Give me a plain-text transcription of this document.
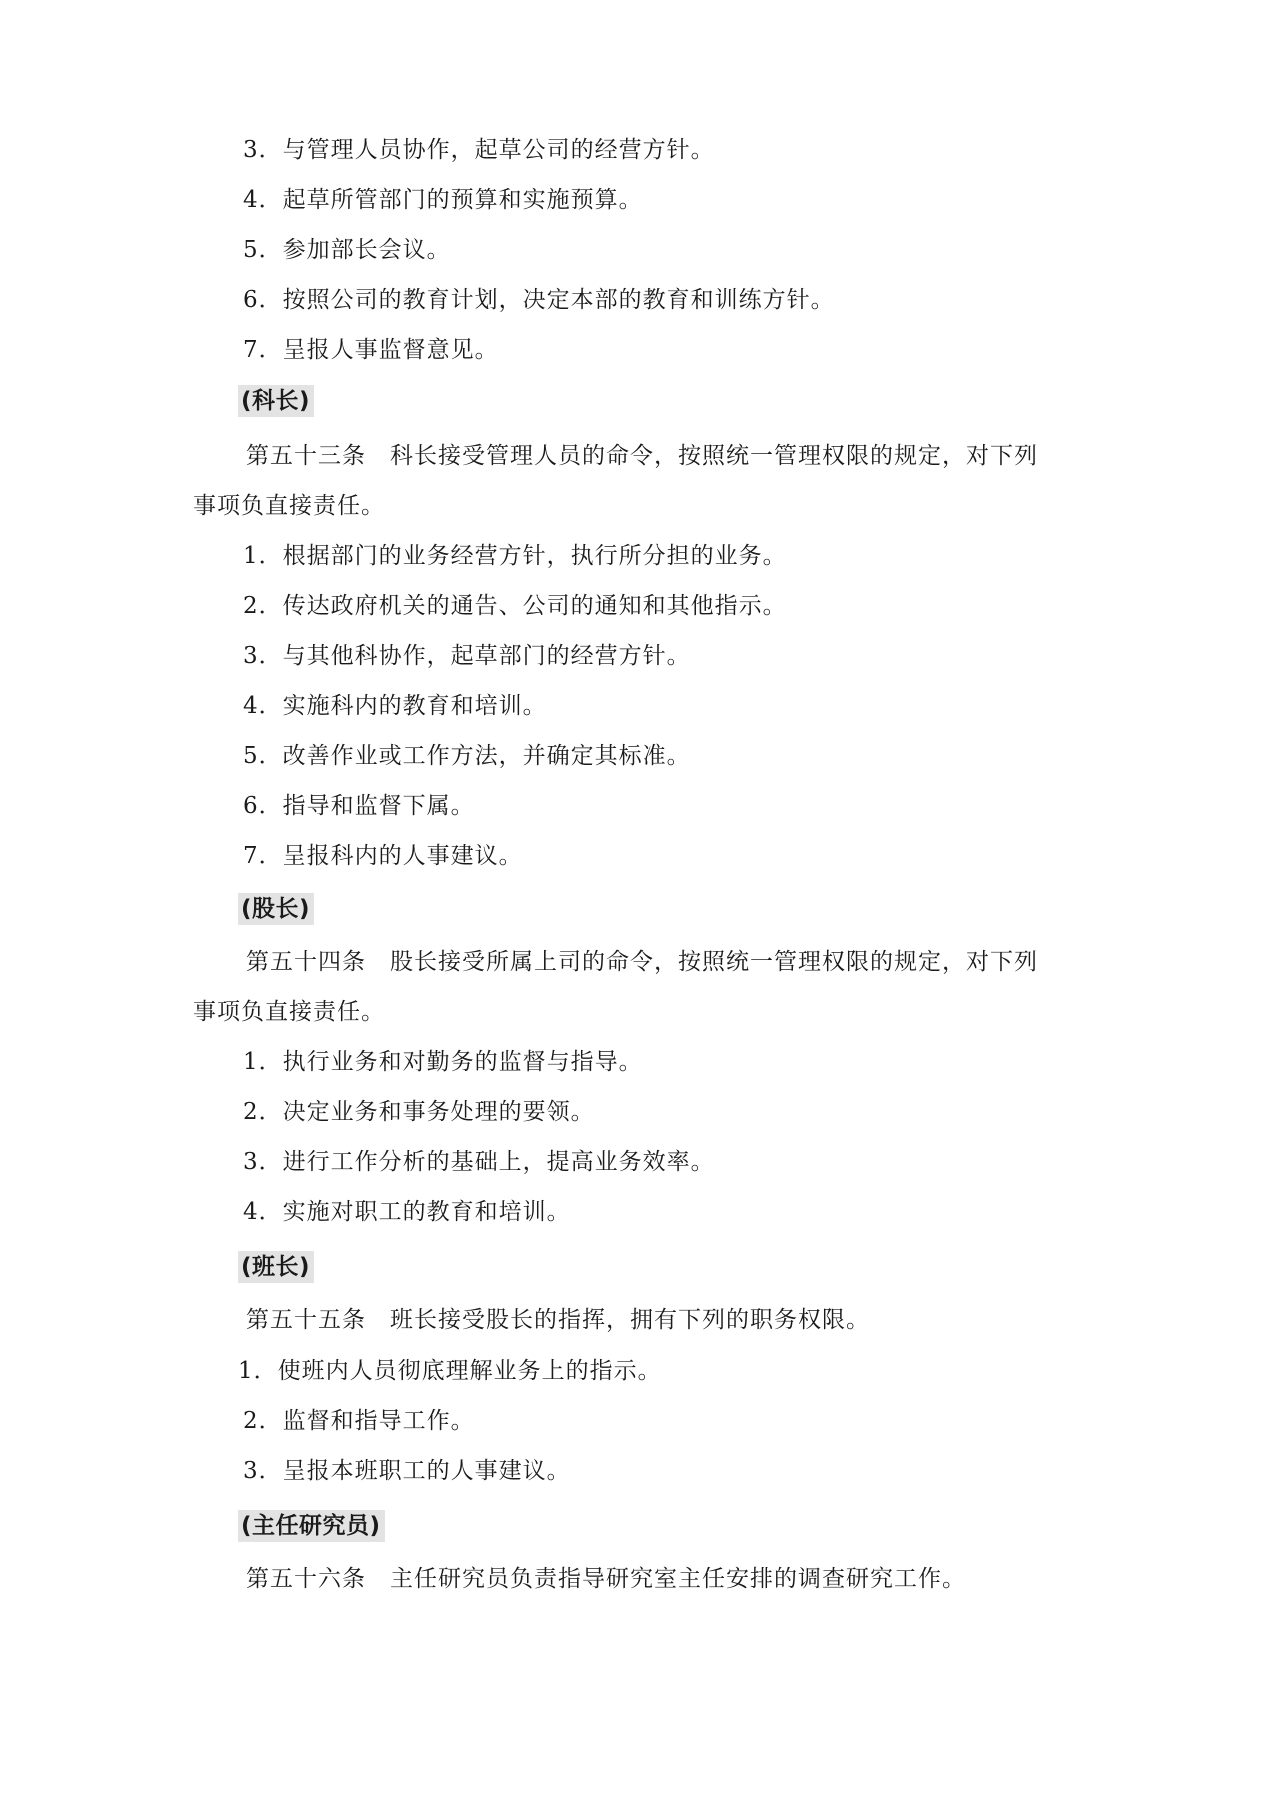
3．与管理人员协作，起草公司的经营方针。
4．起草所管部门的预算和实施预算。
5．参加部长会议。
6．按照公司的教育计划，决定本部的教育和训练方针。
7．呈报人事监督意见。
(科长)
第五十三条　科长接受管理人员的命令，按照统一管理权限的规定，对下列
事项负直接责任。
1．根据部门的业务经营方针，执行所分担的业务。
2．传达政府机关的通告、公司的通知和其他指示。
3．与其他科协作，起草部门的经营方针。
4．实施科内的教育和培训。
5．改善作业或工作方法，并确定其标准。
6．指导和监督下属。
7．呈报科内的人事建议。
(股长)
第五十四条　股长接受所属上司的命令，按照统一管理权限的规定，对下列
事项负直接责任。
1．执行业务和对勤务的监督与指导。
2．决定业务和事务处理的要领。
3．进行工作分析的基础上，提高业务效率。
4．实施对职工的教育和培训。
(班长)
第五十五条　班长接受股长的指挥，拥有下列的职务权限。
1．使班内人员彻底理解业务上的指示。
2．监督和指导工作。
3．呈报本班职工的人事建议。
(主任研究员)
第五十六条　主任研究员负责指导研究室主任安排的调查研究工作。
